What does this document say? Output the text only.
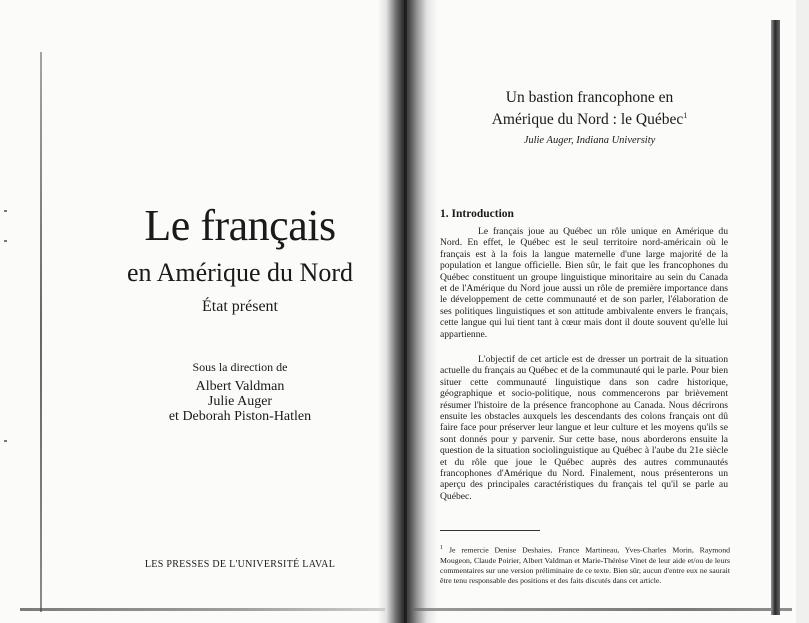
Le français
en Amérique du Nord
État présent
Sous la direction de
Albert Valdman
Julie Auger
et Deborah Piston-Hatlen
LES PRESSES DE L'UNIVERSITÉ LAVAL
Un bastion francophone en
Amérique du Nord : le Québec$^1$
Julie Auger, Indiana University
1. Introduction

Le français joue au Québec un rôle unique en Amérique du Nord. En effet, le Québec est le seul territoire nord-américain où le français est à la fois la langue maternelle d'une large majorité de la population et langue officielle. Bien sûr, le fait que les francophones du Québec constituent un groupe linguistique minoritaire au sein du Canada et de l'Amérique du Nord joue aussi un rôle de première importance dans le développement de cette communauté et de son parler, l'élaboration de ses politiques linguistiques et son attitude ambivalente envers le français, cette langue qui lui tient tant à cœur mais dont il doute souvent qu'elle lui appartienne.

L'objectif de cet article est de dresser un portrait de la situation actuelle du français au Québec et de la communauté qui le parle. Pour bien situer cette communauté linguistique dans son cadre historique, géographique et socio-politique, nous commencerons par brièvement résumer l'histoire de la présence francophone au Canada. Nous décrirons ensuite les obstacles auxquels les descendants des colons français ont dû faire face pour préserver leur langue et leur culture et les moyens qu'ils se sont donnés pour y parvenir. Sur cette base, nous aborderons ensuite la question de la situation sociolinguistique au Québec à l'aube du 21e siècle et du rôle que joue le Québec auprès des autres communautés francophones d'Amérique du Nord. Finalement, nous présenterons un aperçu des principales caractéristiques du français tel qu'il se parle au Québec.

$^1$ Je remercie Denise Deshaies, France Martineau, Yves-Charles Morin, Raymond Mougeon, Claude Poirier, Albert Valdman et Marie-Thérèse Vinet de leur aide et/ou de leurs commentaires sur une version préliminaire de ce texte. Bien sûr, aucun d'entre eux ne saurait être tenu responsable des positions et des faits discutés dans cet article.
